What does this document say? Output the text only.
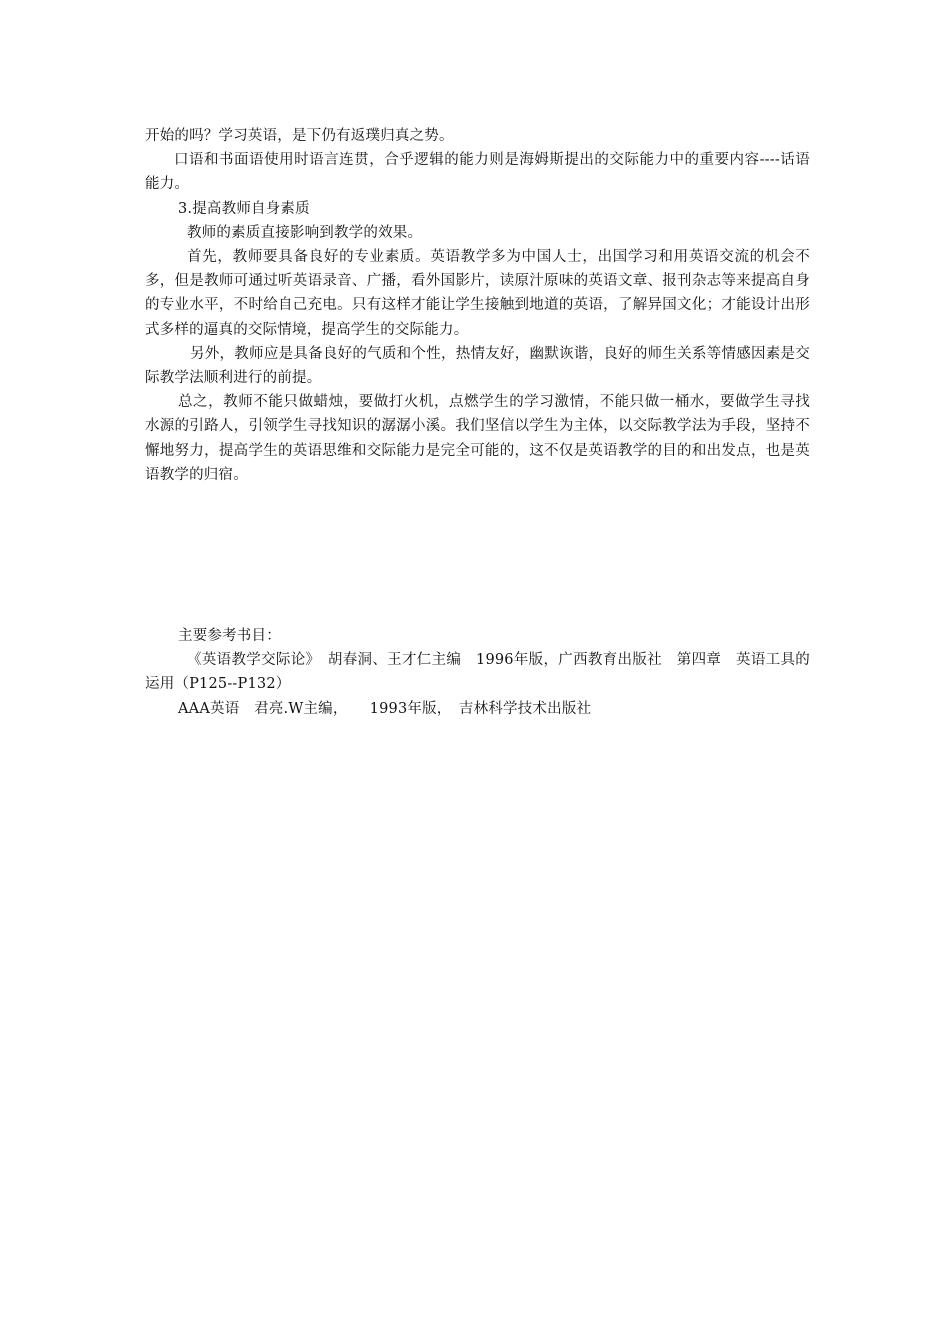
开始的吗？学习英语，是下仍有返璞归真之势。

口语和书面语使用时语言连贯，合乎逻辑的能力则是海姆斯提出的交际能力中的重要内容----话语能力。

3.提高教师自身素质

教师的素质直接影响到教学的效果。

首先，教师要具备良好的专业素质。英语教学多为中国人士，出国学习和用英语交流的机会不多，但是教师可通过听英语录音、广播，看外国影片，读原汁原味的英语文章、报刊杂志等来提高自身的专业水平，不时给自己充电。只有这样才能让学生接触到地道的英语，了解异国文化；才能设计出形式多样的逼真的交际情境，提高学生的交际能力。

另外，教师应是具备良好的气质和个性，热情友好，幽默诙谐，良好的师生关系等情感因素是交际教学法顺利进行的前提。

总之，教师不能只做蜡烛，要做打火机，点燃学生的学习激情，不能只做一桶水，要做学生寻找水源的引路人，引领学生寻找知识的潺潺小溪。我们坚信以学生为主体，以交际教学法为手段，坚持不懈地努力，提高学生的英语思维和交际能力是完全可能的，这不仅是英语教学的目的和出发点，也是英语教学的归宿。

主要参考书目：

《英语教学交际论》　胡春洞、王才仁主编　1996年版，广西教育出版社　第四章　英语工具的运用（P125--P132）

AAA英语　君亮.W主编，　　1993年版，　吉林科学技术出版社
